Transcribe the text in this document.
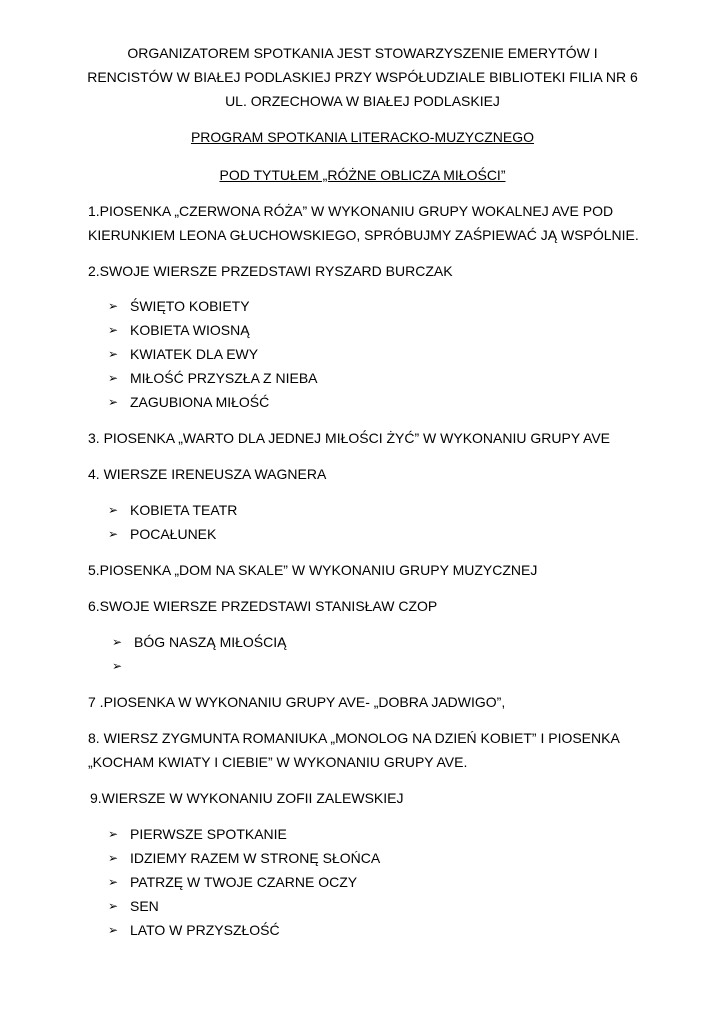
ORGANIZATOREM SPOTKANIA JEST STOWARZYSZENIE EMERYTÓW I
RENCISTÓW W BIAŁEJ PODLASKIEJ PRZY WSPÓŁUDZIALE BIBLIOTEKI FILIA NR 6
UL. ORZECHOWA W BIAŁEJ PODLASKIEJ
PROGRAM SPOTKANIA LITERACKO-MUZYCZNEGO
POD TYTUŁEM „RÓŻNE OBLICZA MIŁOŚCI”
1.PIOSENKA „CZERWONA RÓŻA” W WYKONANIU GRUPY WOKALNEJ AVE POD
KIERUNKIEM LEONA GŁUCHOWSKIEGO, SPRÓBUJMY ZAŚPIEWAĆ JĄ WSPÓLNIE.
2.SWOJE WIERSZE PRZEDSTAWI RYSZARD BURCZAK
➢ ŚWIĘTO KOBIETY
➢ KOBIETA WIOSNĄ
➢ KWIATEK DLA EWY
➢ MIŁOŚĆ PRZYSZŁA Z NIEBA
➢ ZAGUBIONA MIŁOŚĆ
3. PIOSENKA „WARTO DLA JEDNEJ MIŁOŚCI ŻYĆ” W WYKONANIU GRUPY AVE
4. WIERSZE IRENEUSZA WAGNERA
➢ KOBIETA TEATR
➢ POCAŁUNEK
5.PIOSENKA „DOM NA SKALE” W WYKONANIU GRUPY MUZYCZNEJ
6.SWOJE WIERSZE PRZEDSTAWI STANISŁAW CZOP
➢ BÓG NASZĄ MIŁOŚCIĄ
➢
7 .PIOSENKA W WYKONANIU GRUPY AVE- „DOBRA JADWIGO”,
8. WIERSZ ZYGMUNTA ROMANIUKA „MONOLOG NA DZIEŃ KOBIET” I PIOSENKA
„KOCHAM KWIATY I CIEBIE” W WYKONANIU GRUPY AVE.
9.WIERSZE W WYKONANIU ZOFII ZALEWSKIEJ
➢ PIERWSZE SPOTKANIE
➢ IDZIEMY RAZEM W STRONĘ SŁOŃCA
➢ PATRZĘ W TWOJE CZARNE OCZY
➢ SEN
➢ LATO W PRZYSZŁOŚĆ
